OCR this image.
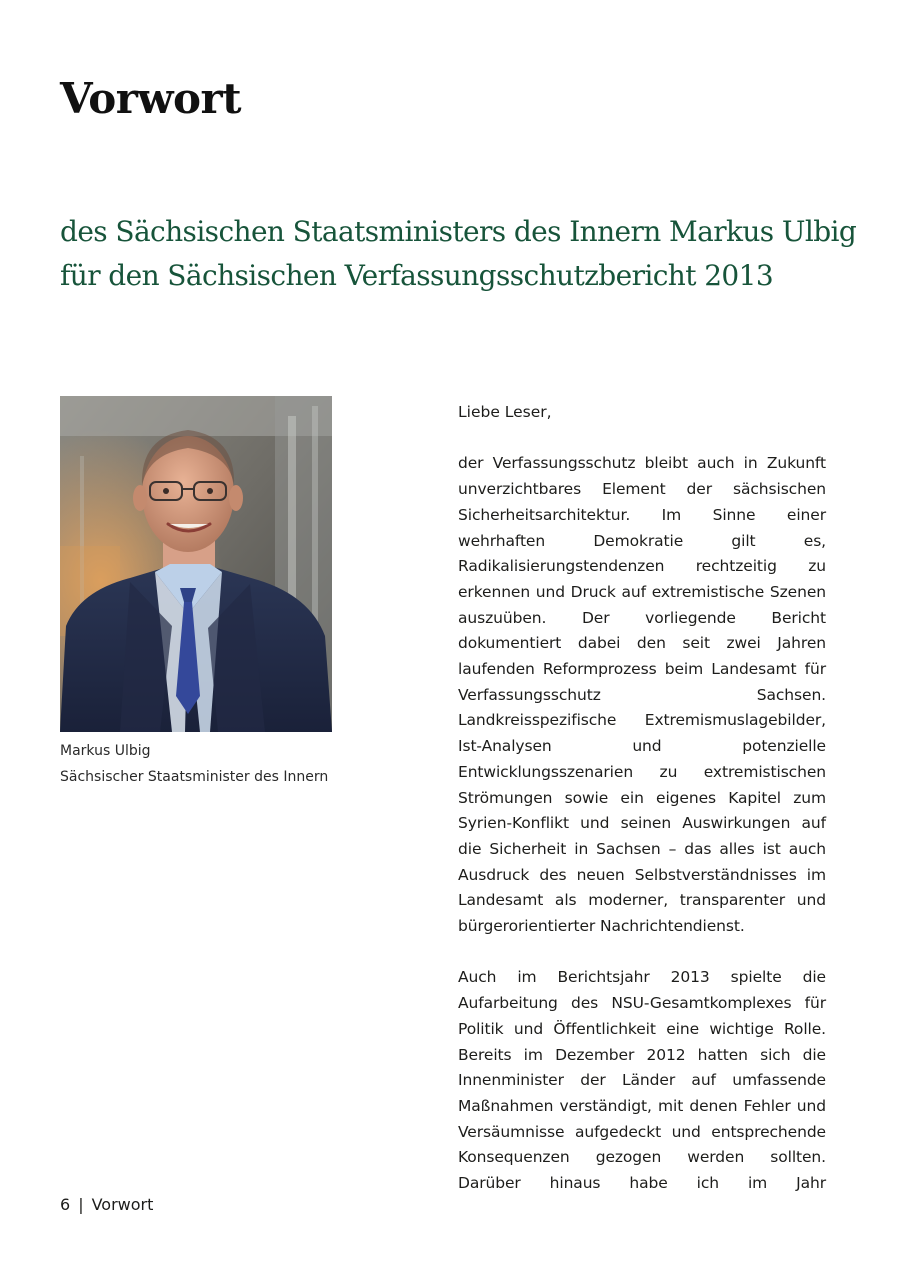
Vorwort
des Sächsischen Staatsministers des Innern Markus Ulbig
für den Sächsischen Verfassungsschutzbericht 2013
Markus Ulbig
Sächsischer Staatsminister des Innern

Liebe Leser,

der Verfassungsschutz bleibt auch in Zukunft unverzichtbares Element der sächsischen Sicherheitsarchitektur. Im Sinne einer wehrhaften Demokratie gilt es, Radikalisierungstendenzen rechtzeitig zu erkennen und Druck auf extremistische Szenen auszuüben. Der vorliegende Bericht dokumentiert dabei den seit zwei Jahren laufenden Reformprozess beim Landesamt für Verfassungsschutz Sachsen. Landkreisspezifische Extremismuslagebilder, Ist-Analysen und potenzielle Entwicklungsszenarien zu extremistischen Strömungen sowie ein eigenes Kapitel zum Syrien-Konflikt und seinen Auswirkungen auf die Sicherheit in Sachsen – das alles ist auch Ausdruck des neuen Selbstverständnisses im Landesamt als moderner, transparenter und bürgerorientierter Nachrichtendienst.

Auch im Berichtsjahr 2013 spielte die Aufarbeitung des NSU-Gesamtkomplexes für Politik und Öffentlichkeit eine wichtige Rolle. Bereits im Dezember 2012 hatten sich die Innenminister der Länder auf umfassende Maßnahmen verständigt, mit denen Fehler und Versäumnisse aufgedeckt und entsprechende Konsequenzen gezogen werden sollten. Darüber hinaus habe ich im Jahr

6 | Vorwort
